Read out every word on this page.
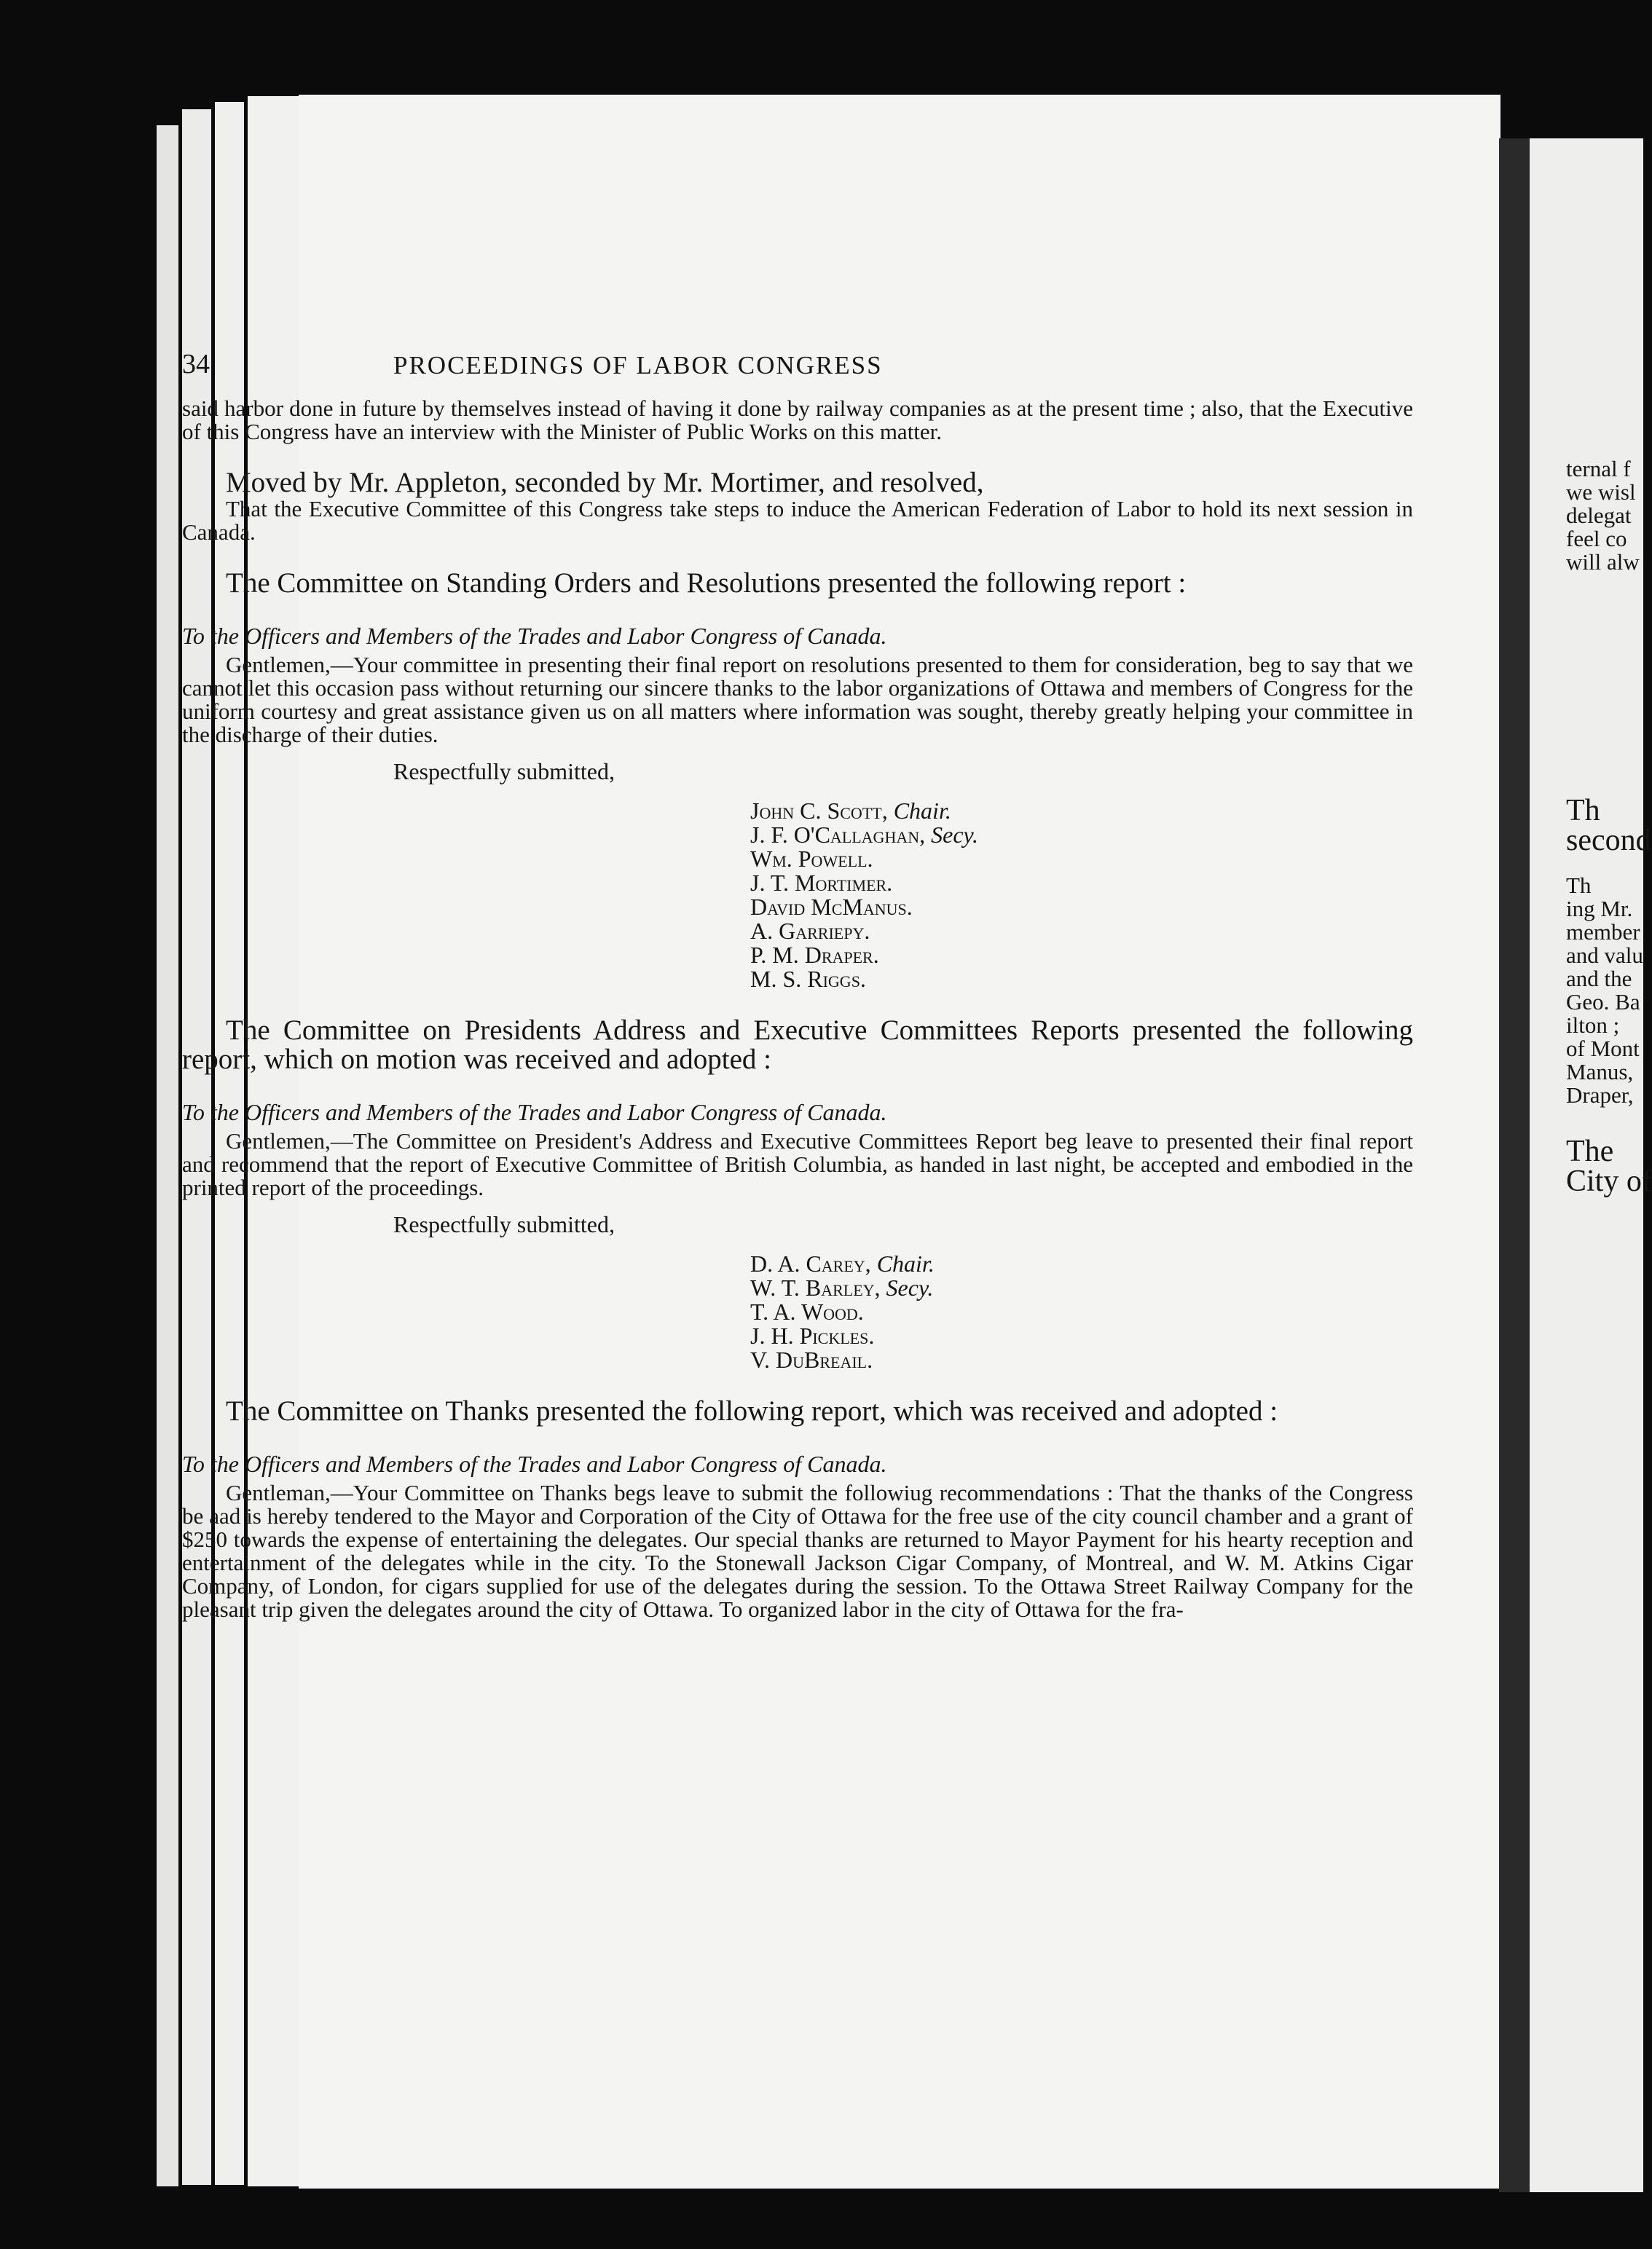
ternal f
we wisl
delegat
feel co
will alw
Th
second
Th
ing Mr.
member
and valu
and the
Geo. Ba
ilton ;
of Mont
Manus,
Draper,
The
City of
34	PROCEEDINGS OF LABOR CONGRESS

said harbor done in future by themselves instead of having it done by railway companies as at the present time ; also, that the Executive of this Congress have an interview with the Minister of Public Works on this matter.

Moved by Mr. Appleton, seconded by Mr. Mortimer, and resolved,

That the Executive Committee of this Congress take steps to induce the American Federation of Labor to hold its next session in Canada.

The Committee on Standing Orders and Resolutions presented the following report :

To the Officers and Members of the Trades and Labor Congress of Canada.

Gentlemen,—Your committee in presenting their final report on resolutions presented to them for consideration, beg to say that we cannot let this occasion pass without returning our sincere thanks to the labor organizations of Ottawa and members of Congress for the uniform courtesy and great assistance given us on all matters where information was sought, thereby greatly helping your committee in the discharge of their duties.

Respectfully submitted,
John C. Scott, Chair.
J. F. O'Callaghan, Secy.
Wm. Powell.
J. T. Mortimer.
David McManus.
A. Garriepy.
P. M. Draper.
M. S. Riggs.

The Committee on Presidents Address and Executive Committees Reports presented the following report, which on motion was received and adopted :

To the Officers and Members of the Trades and Labor Congress of Canada.

Gentlemen,—The Committee on President's Address and Executive Committees Report beg leave to presented their final report and recommend that the report of Executive Committee of British Columbia, as handed in last night, be accepted and embodied in the printed report of the proceedings.

Respectfully submitted,
D. A. Carey, Chair.
W. T. Barley, Secy.
T. A. Wood.
J. H. Pickles.
V. DuBreail.

The Committee on Thanks presented the following report, which was received and adopted :

To the Officers and Members of the Trades and Labor Congress of Canada.

Gentleman,—Your Committee on Thanks begs leave to submit the followiug recommendations : That the thanks of the Congress be aad is hereby tendered to the Mayor and Corporation of the City of Ottawa for the free use of the city council chamber and a grant of $250 towards the expense of entertaining the delegates. Our special thanks are returned to Mayor Payment for his hearty reception and entertainment of the delegates while in the city. To the Stonewall Jackson Cigar Company, of Montreal, and W. M. Atkins Cigar Company, of London, for cigars supplied for use of the delegates during the session. To the Ottawa Street Railway Company for the pleasant trip given the delegates around the city of Ottawa. To organized labor in the city of Ottawa for the fra-
